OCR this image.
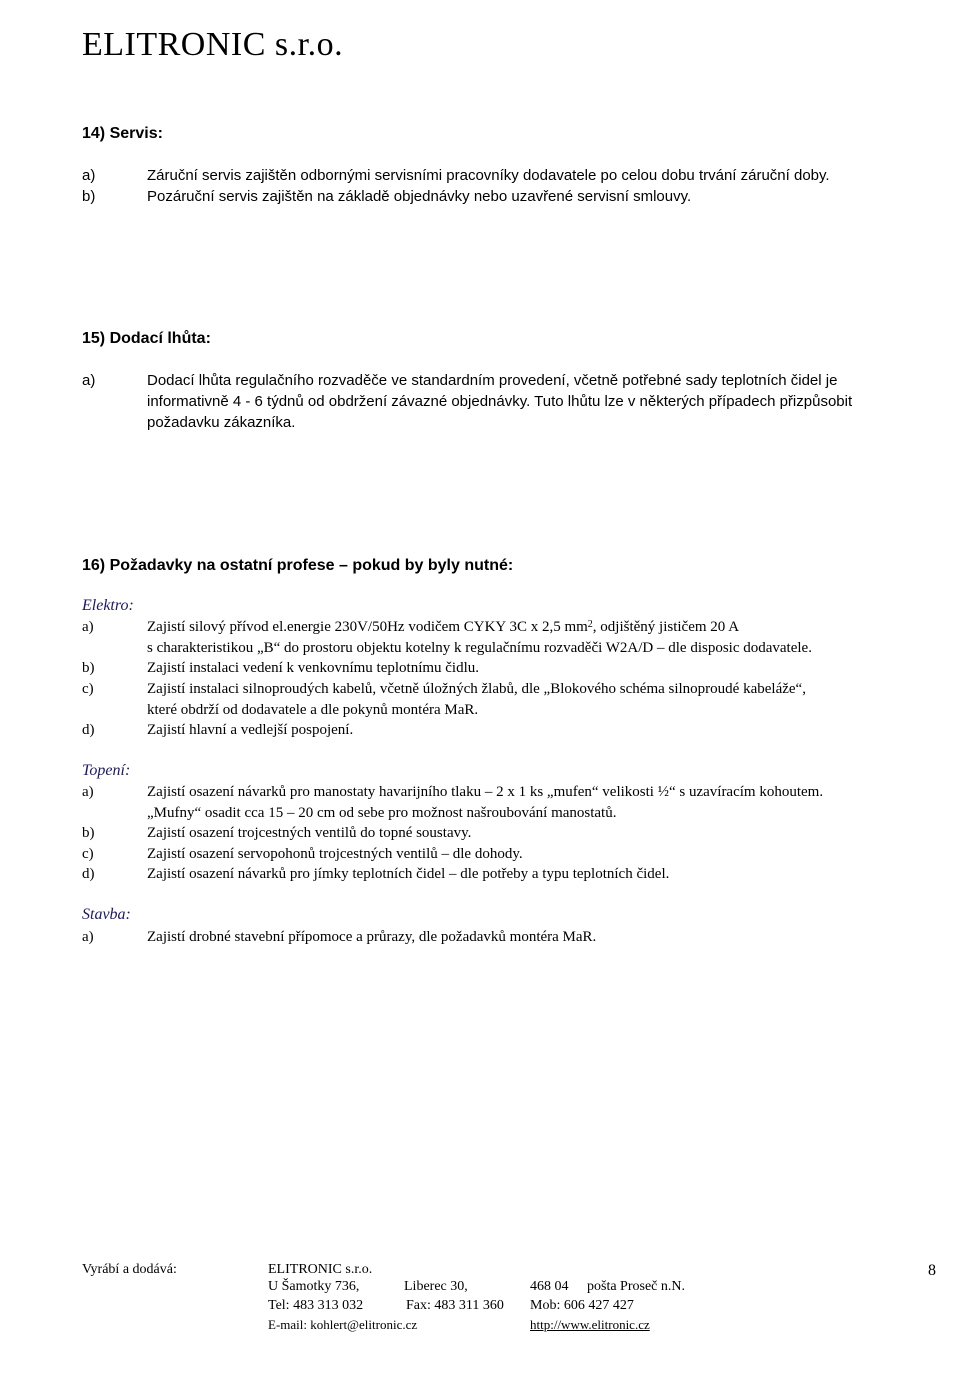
ELITRONIC s.r.o.
14) Servis:
a)	Záruční servis zajištěn odbornými servisními pracovníky dodavatele po celou dobu trvání záruční doby.
b)	Pozáruční servis zajištěn na základě objednávky nebo uzavřené servisní smlouvy.
15) Dodací lhůta:
a)	Dodací lhůta regulačního rozvaděče ve standardním provedení, včetně potřebné sady teplotních čidel je
informativně 4 - 6 týdnů od obdržení závazné objednávky. Tuto lhůtu lze v některých případech přizpůsobit
požadavku zákazníka.
16) Požadavky na ostatní profese – pokud by byly nutné:
Elektro:
a)	Zajistí silový přívod el.energie 230V/50Hz vodičem CYKY 3C x 2,5 $mm^2$, odjištěný jističem 20 A
s charakteristikou „B“ do prostoru objektu kotelny k regulačnímu rozvaděči W2A/D – dle disposic dodavatele.
b)	Zajistí instalaci vedení k venkovnímu teplotnímu čidlu.
c)	Zajistí instalaci silnoproudých kabelů, včetně úložných žlabů, dle „Blokového schéma silnoproudé kabeláže“,
které obdrží od dodavatele a dle pokynů montéra MaR.
d)	Zajistí hlavní a vedlejší pospojení.
Topení:
a)	Zajistí osazení návarků pro manostaty havarijního tlaku – 2 x 1 ks „mufen“ velikosti ½“ s uzavíracím kohoutem.
„Mufny“ osadit cca 15 – 20 cm od sebe pro možnost našroubování manostatů.
b)	Zajistí osazení trojcestných ventilů do topné soustavy.
c)	Zajistí osazení servopohonů trojcestných ventilů – dle dohody.
d)	Zajistí osazení návarků pro jímky teplotních čidel – dle potřeby a typu teplotních čidel.
Stavba:
a)	Zajistí drobné stavební přípomoce a průrazy, dle požadavků montéra MaR.
Vyrábí a dodává:	ELITRONIC s.r.o.
U Šamotky 736,	Liberec 30,	468 04 pošta Proseč n.N.
Tel: 483 313 032	Fax: 483 311 360 Mob: 606 427 427
E-mail: kohlert@elitronic.cz	http://www.elitronic.cz
8
